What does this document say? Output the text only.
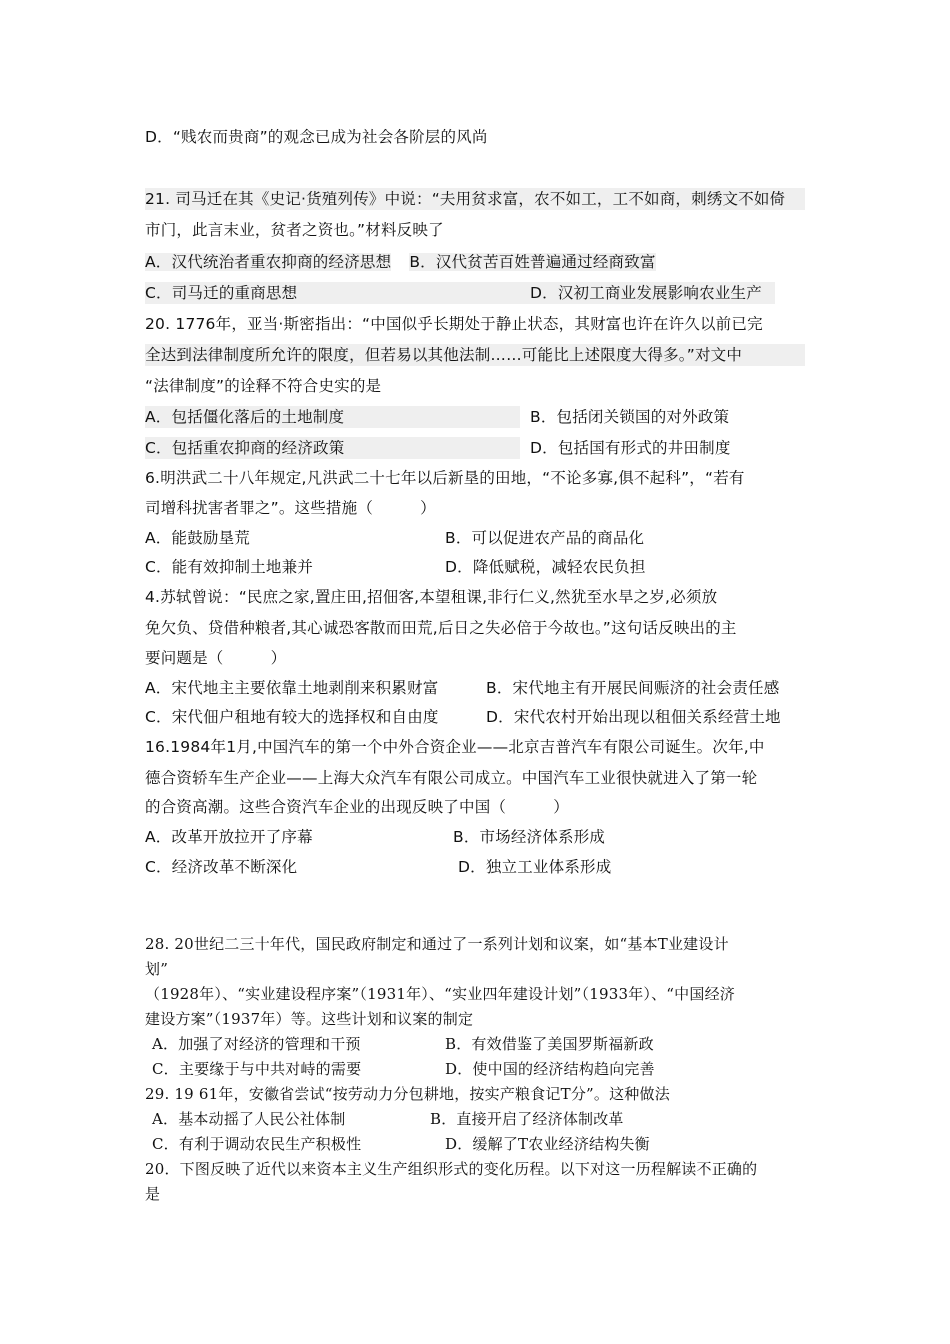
D．“贱农而贵商”的观念已成为社会各阶层的风尚
21. 司马迁在其《史记·货殖列传》中说：“夫用贫求富，农不如工，工不如商，刺绣文不如倚
市门，此言末业，贫者之资也。”材料反映了
A．汉代统治者重农抑商的经济思想 B．汉代贫苦百姓普遍通过经商致富
C．司马迁的重商思想	D．汉初工商业发展影响农业生产
20. 1776年，亚当·斯密指出：“中国似乎长期处于静止状态，其财富也许在许久以前已完
全达到法律制度所允许的限度，但若易以其他法制……可能比上述限度大得多。”对文中
“法律制度”的诠释不符合史实的是
A．包括僵化落后的土地制度	B．包括闭关锁国的对外政策
C．包括重农抑商的经济政策	D．包括国有形式的井田制度
6.明洪武二十八年规定,凡洪武二十七年以后新垦的田地，“不论多寡,俱不起科”，“若有
司增科扰害者罪之”。这些措施（　　　）
A．能鼓励垦荒	B．可以促进农产品的商品化
C．能有效抑制土地兼并	D．降低赋税，减轻农民负担
4.苏轼曾说：“民庶之家,置庄田,招佃客,本望租课,非行仁义,然犹至水旱之岁,必须放
免欠负、贷借种粮者,其心诚恐客散而田荒,后日之失必倍于今故也。”这句话反映出的主
要问题是（　　　）
A．宋代地主主要依靠土地剥削来积累财富	B．宋代地主有开展民间赈济的社会责任感
C．宋代佃户租地有较大的选择权和自由度	D．宋代农村开始出现以租佃关系经营土地
16.1984年1月,中国汽车的第一个中外合资企业——北京吉普汽车有限公司诞生。次年,中
德合资轿车生产企业——上海大众汽车有限公司成立。中国汽车工业很快就进入了第一轮
的合资高潮。这些合资汽车企业的出现反映了中国（　　　）
A．改革开放拉开了序幕	B．市场经济体系形成
C．经济改革不断深化	D．独立工业体系形成
28. 20世纪二三十年代，国民政府制定和通过了一系列计划和议案，如“基本T业建设计
划”
（1928年）、“实业建设程序案”（1931年）、“实业四年建设计划”（1933年）、“中国经济
建设方案”（1937年）等。这些计划和议案的制定
A．加强了对经济的管理和干预	B．有效借鉴了美国罗斯福新政
C．主要缘于与中共对峙的需要	D．使中国的经济结构趋向完善
29. 19 61年，安徽省尝试“按劳动力分包耕地，按实产粮食记T分”。这种做法
A．基本动摇了人民公社体制	B．直接开启了经济体制改革
C．有利于调动农民生产积极性	D．缓解了T农业经济结构失衡
20．下图反映了近代以来资本主义生产组织形式的变化历程。以下对这一历程解读不正确的
是
